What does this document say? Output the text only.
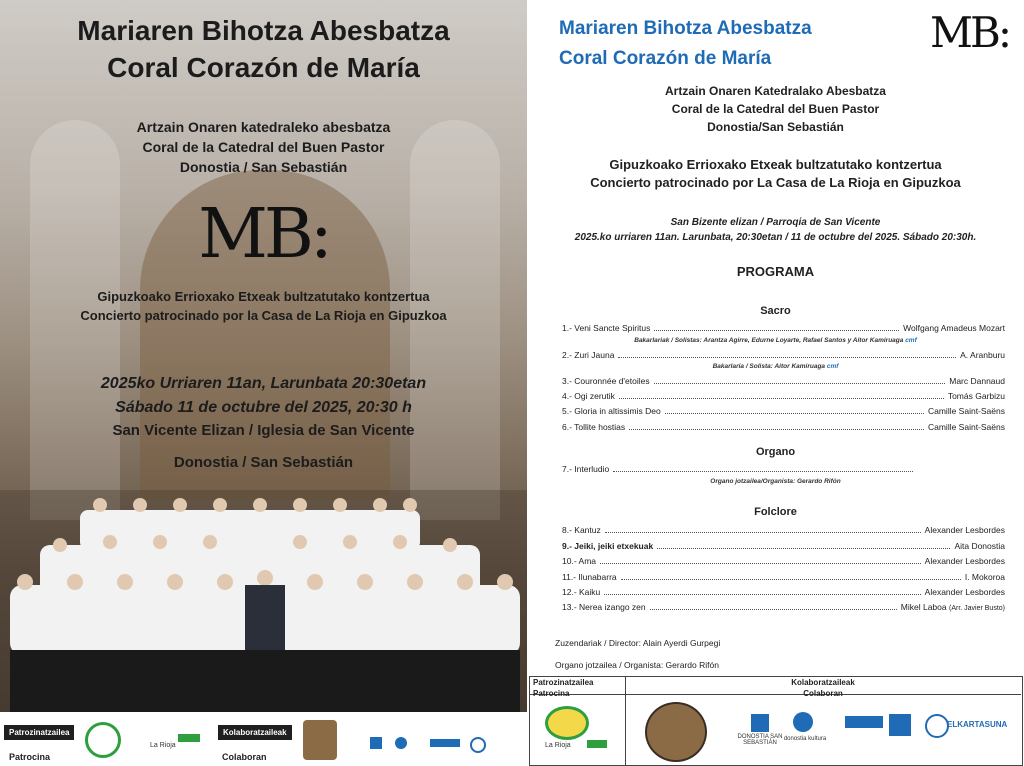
Mariaren Bihotza Abesbatza
Coral Corazón de María
Artzain Onaren katedraleko abesbatza
Coral de la Catedral del Buen Pastor
Donostia / San Sebastián
MB:
Gipuzkoako Errioxako Etxeak bultzatutako kontzertua
Concierto patrocinado por la Casa de La Rioja en Gipuzkoa
2025ko Urriaren 11an, Larunbata 20:30etan
Sábado 11 de octubre del 2025, 20:30 h
San Vicente Elizan / Iglesia de San Vicente
Donostia / San Sebastián
Patrozinatzailea
Patrocina
La Rioja
Kolaboratzaileak
Colaboran
Mariaren Bihotza Abesbatza
Coral Corazón de María
MB:
Artzain Onaren Katedralako Abesbatza
Coral de la Catedral del Buen Pastor
Donostia/San Sebastián
Gipuzkoako Errioxako Etxeak bultzatutako kontzertua
Concierto patrocinado por La Casa de La Rioja en Gipuzkoa
San Bizente elizan / Parroqia de San Vicente
2025.ko urriaren 11an. Larunbata, 20:30etan / 11 de octubre del 2025. Sábado 20:30h.
PROGRAMA
Sacro
1.- Veni Sancte Spiritus	Wolfgang Amadeus Mozart
Bakarlariak / Solistas: Arantza Agirre, Edurne Loyarte, Rafael Santos y Aitor Kamiruaga cmf
2.- Zuri Jauna	A. Aranburu
Bakarlaria / Solista: Aitor Kamiruaga cmf
3.- Couronnée d'etoiles	Marc Dannaud
4.- Ogi zerutik	Tomás Garbizu
5.- Gloria in altissimis Deo	Camille Saint-Saëns
6.- Tollite hostias	Camille Saint-Saëns
Organo
7.- Interludio
Organo jotzailea/Organista: Gerardo Rifón
Folclore
8.- Kantuz	Alexander Lesbordes
9.- Jeiki, jeiki etxekuak	Aita Donostia
10.- Ama	Alexander Lesbordes
11.- Ilunabarra	I. Mokoroa
12.- Kaiku	Alexander Lesbordes
13.- Nerea izango zen	Mikel Laboa
(Arr. Javier Busto)
Zuzendariak / Director: Alain Ayerdi Gurpegi
Organo jotzailea / Organista: Gerardo Rifón
Patrozinatzailea
Patrocina
Kolaboratzaileak
Colaboran
La Rioja
DONOSTIA SAN SEBASTIÁN
donostia kultura
ELKARTASUNA
